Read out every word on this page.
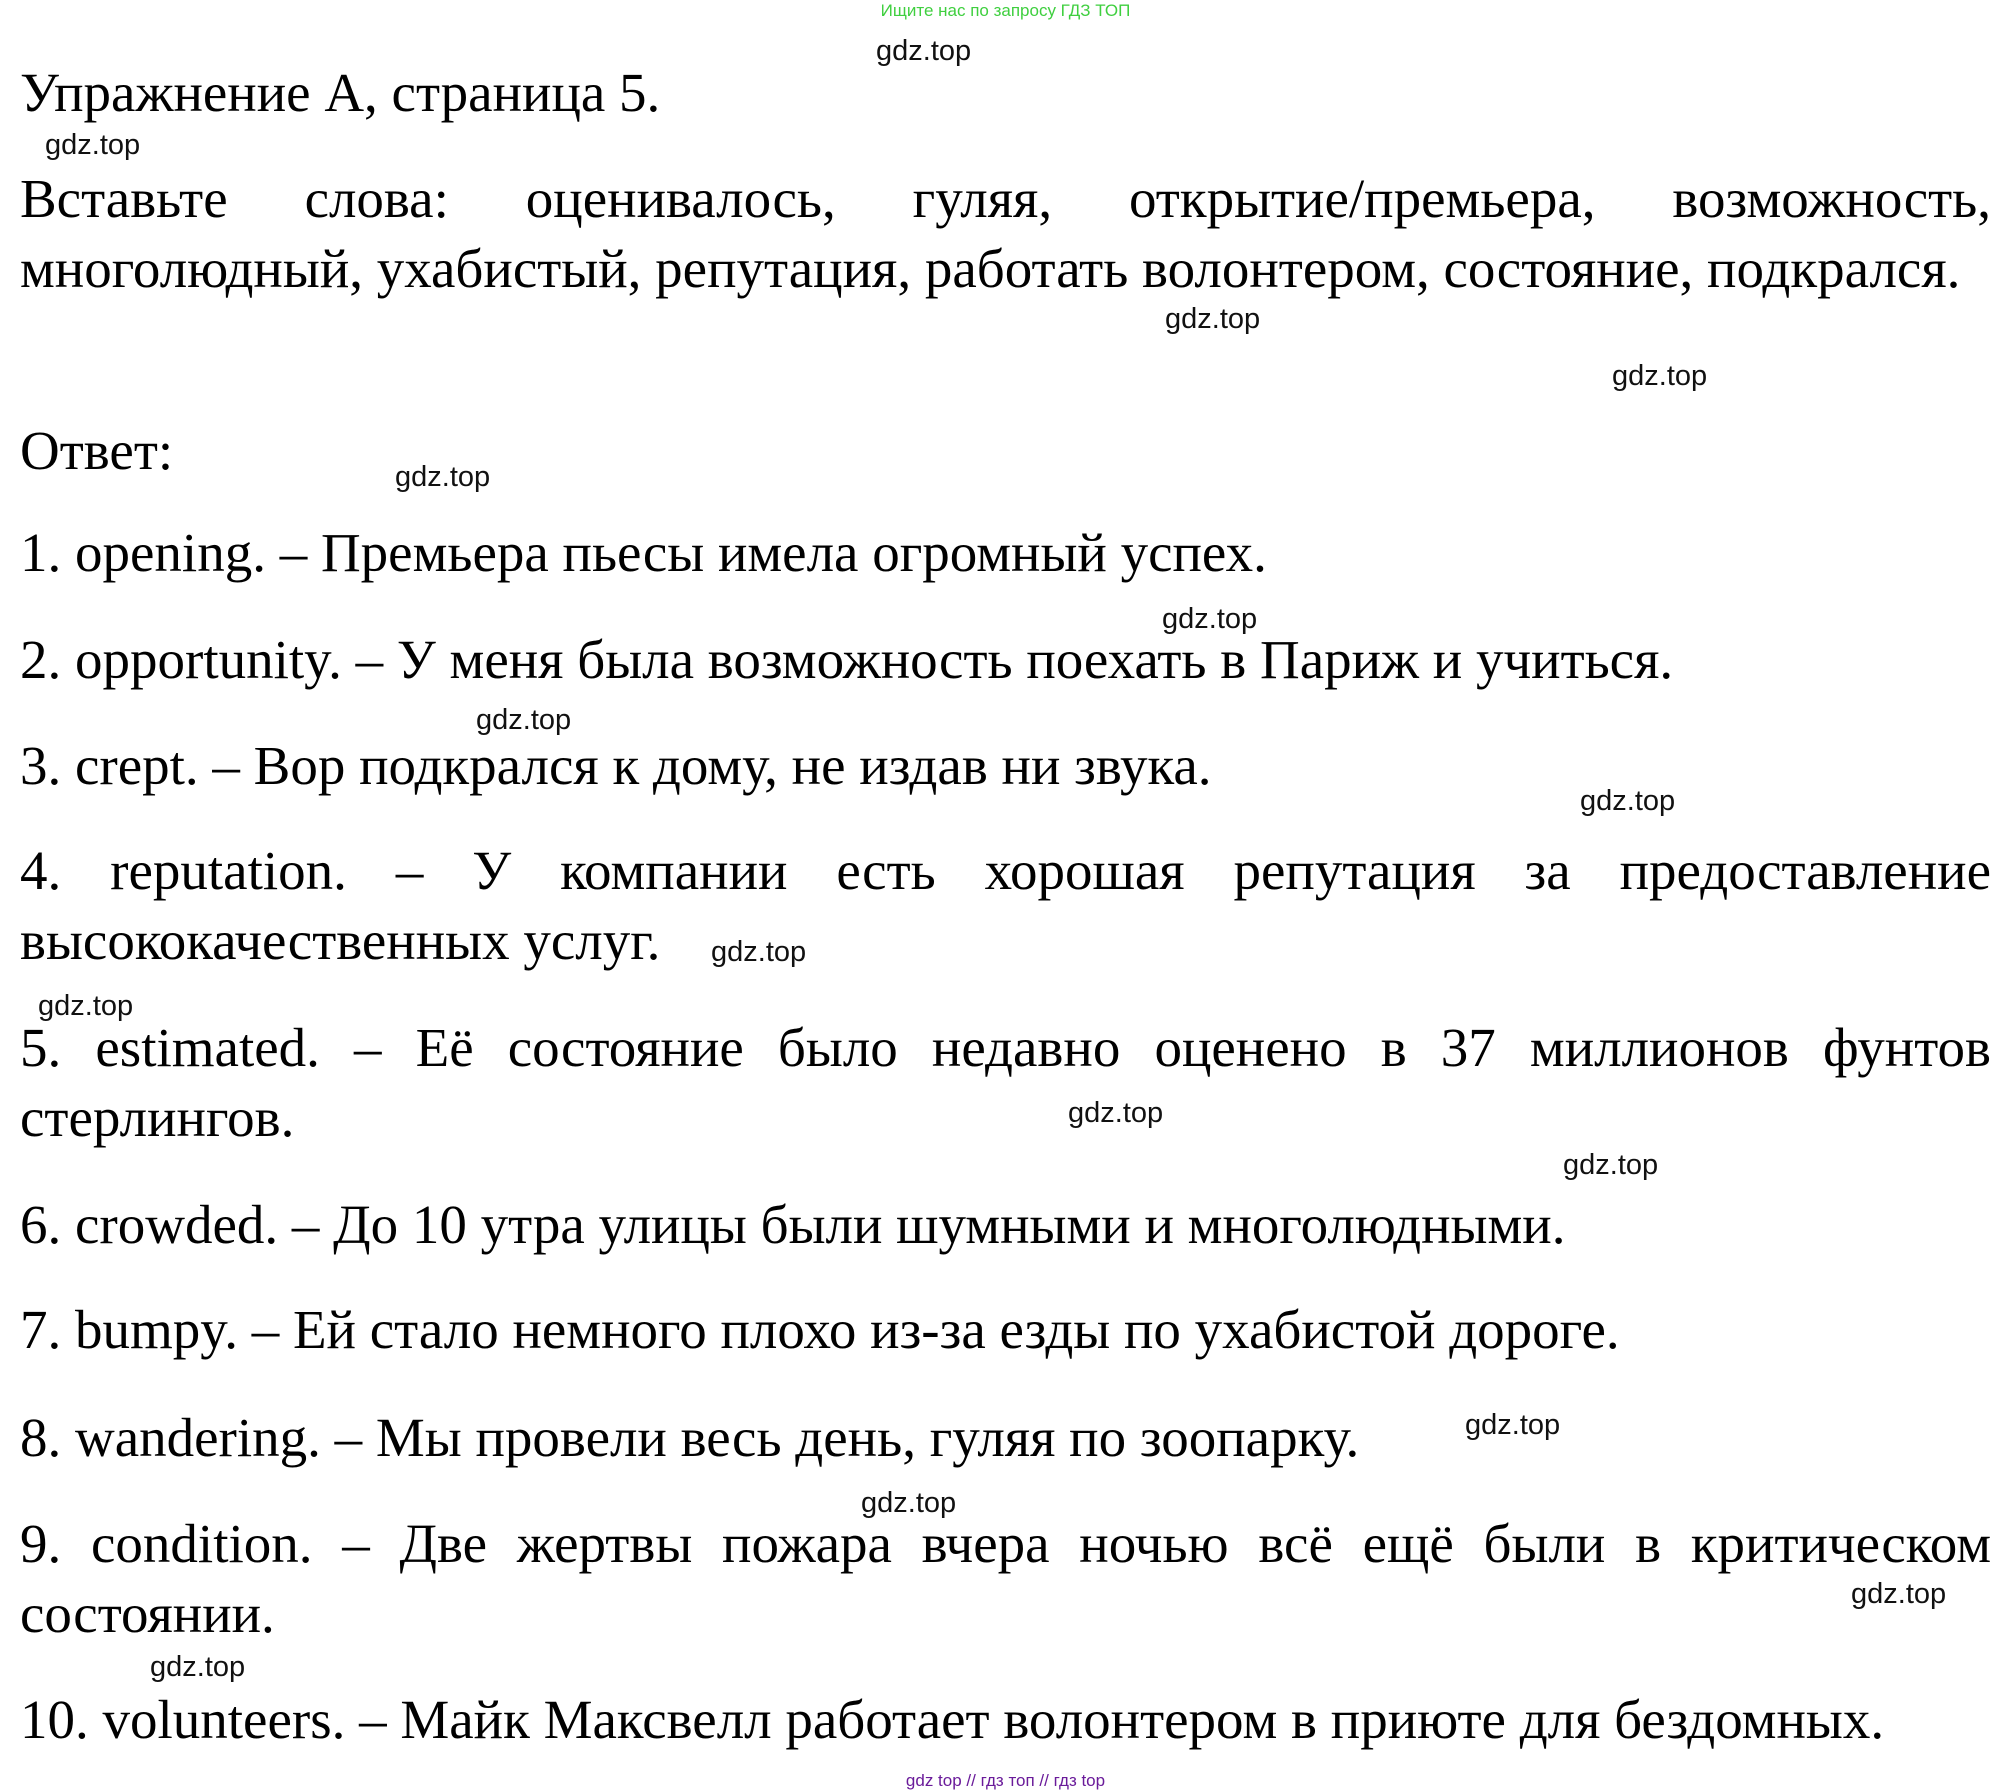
Ищите нас по запросу ГДЗ ТОП
Упражнение A, страница 5.
Вставьте слова: оценивалось, гуляя, открытие/премьера, возможность, многолюдный, ухабистый, репутация, работать волонтером, состояние, подкрался.
Ответ:
1. opening. – Премьера пьесы имела огромный успех.
2. opportunity. – У меня была возможность поехать в Париж и учиться.
3. crept. – Вор подкрался к дому, не издав ни звука.
4. reputation. – У компании есть хорошая репутация за предоставление высококачественных услуг.
5. estimated. – Её состояние было недавно оценено в 37 миллионов фунтов стерлингов.
6. crowded. – До 10 утра улицы были шумными и многолюдными.
7. bumpy. – Ей стало немного плохо из-за езды по ухабистой дороге.
8. wandering. – Мы провели весь день, гуляя по зоопарку.
9. condition. – Две жертвы пожара вчера ночью всё ещё были в критическом состоянии.
10. volunteers. – Майк Максвелл работает волонтером в приюте для бездомных.
gdz.top
gdz.top
gdz.top
gdz.top
gdz.top
gdz.top
gdz.top
gdz.top
gdz.top
gdz.top
gdz.top
gdz.top
gdz.top
gdz.top
gdz.top
gdz.top
gdz top // гдз топ // гдз top
